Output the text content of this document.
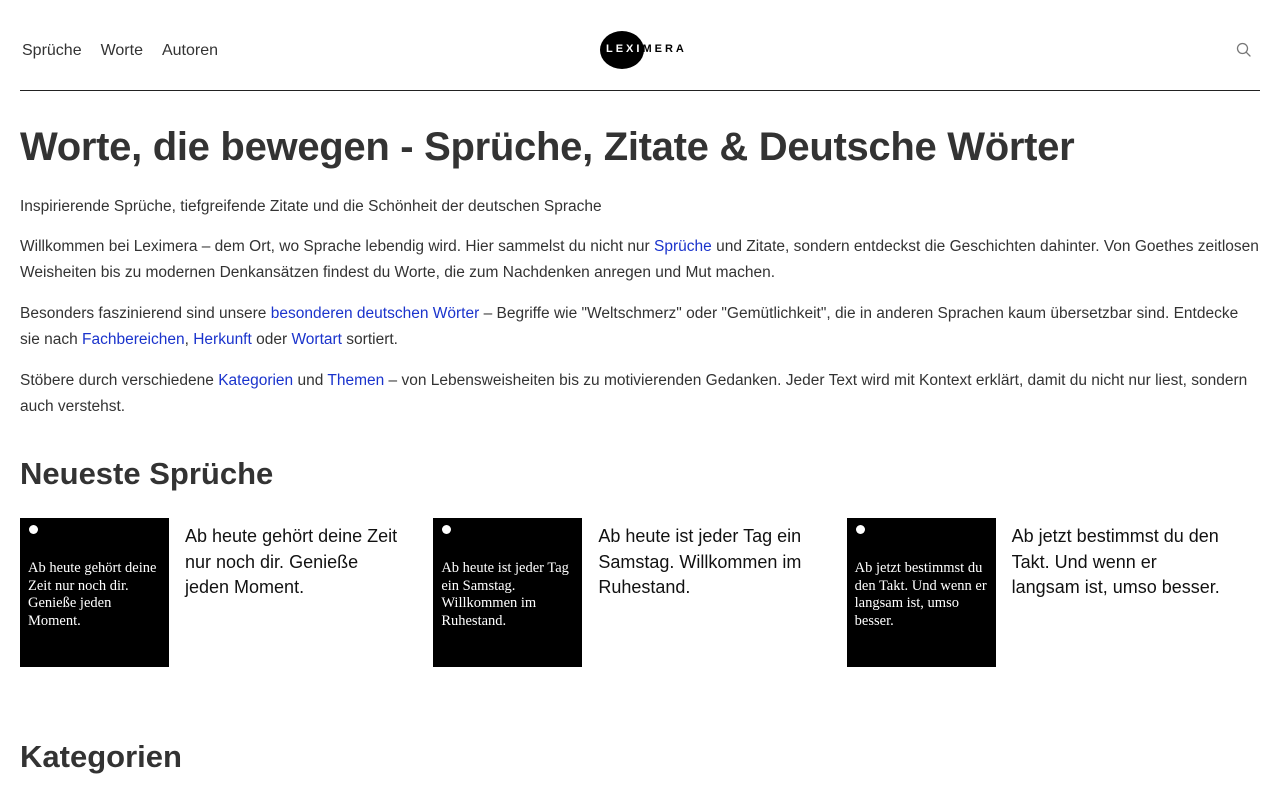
Sprüche Worte Autoren	LEXIMERA
Worte, die bewegen - Sprüche, Zitate & Deutsche Wörter
Inspirierende Sprüche, tiefgreifende Zitate und die Schönheit der deutschen Sprache

Willkommen bei Leximera – dem Ort, wo Sprache lebendig wird. Hier sammelst du nicht nur Sprüche und Zitate, sondern entdeckst die Geschichten dahinter. Von Goethes zeitlosen Weisheiten bis zu modernen Denkansätzen findest du Worte, die zum Nachdenken anregen und Mut machen.

Besonders faszinierend sind unsere besonderen deutschen Wörter – Begriffe wie "Weltschmerz" oder "Gemütlichkeit", die in anderen Sprachen kaum übersetzbar sind. Entdecke sie nach Fachbereichen, Herkunft oder Wortart sortiert.

Stöbere durch verschiedene Kategorien und Themen – von Lebensweisheiten bis zu motivierenden Gedanken. Jeder Text wird mit Kontext erklärt, damit du nicht nur liest, sondern auch verstehst.

Neueste Sprüche
Ab heute gehört deine Zeit nur noch dir. Genieße jeden Moment.
Ab heute gehört deine Zeit nur noch dir. Genieße jeden Moment.
Ab heute ist jeder Tag ein Samstag. Willkommen im Ruhestand.
Ab heute ist jeder Tag ein Samstag. Willkommen im Ruhestand.
Ab jetzt bestimmst du den Takt. Und wenn er langsam ist, umso besser.
Ab jetzt bestimmst du den Takt. Und wenn er langsam ist, umso besser.
Kategorien
